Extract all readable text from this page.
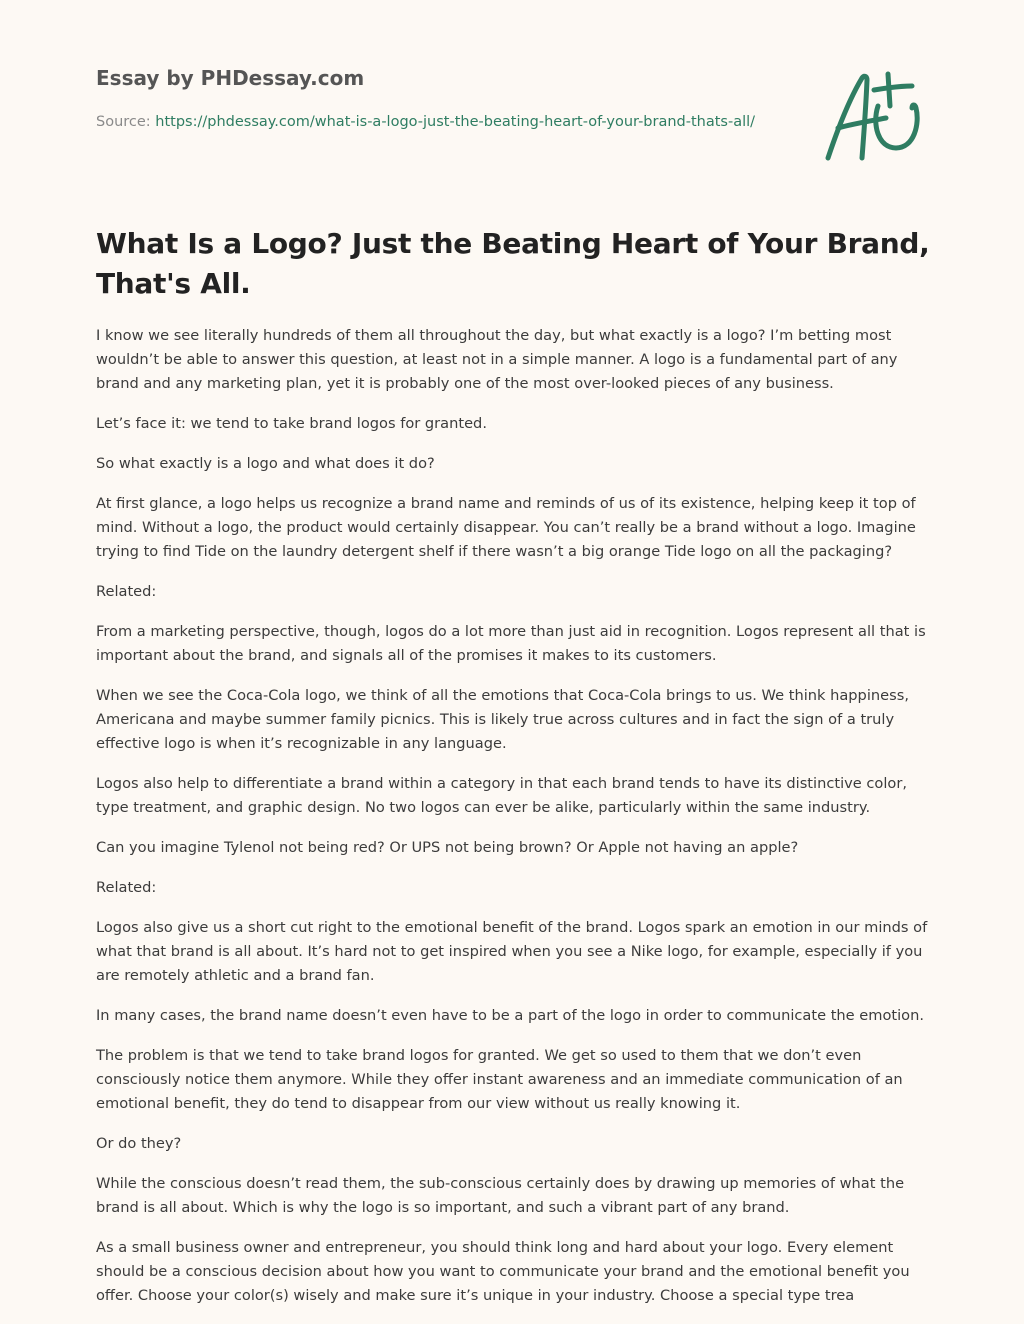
Essay by PHDessay.com
Source: https://phdessay.com/what-is-a-logo-just-the-beating-heart-of-your-brand-thats-all/
What Is a Logo? Just the Beating Heart of Your Brand, That's All.

I know we see literally hundreds of them all throughout the day, but what exactly is a logo? I’m betting most wouldn’t be able to answer this question, at least not in a simple manner. A logo is a fundamental part of any brand and any marketing plan, yet it is probably one of the most over-looked pieces of any business.

Let’s face it: we tend to take brand logos for granted.

So what exactly is a logo and what does it do?

At first glance, a logo helps us recognize a brand name and reminds of us of its existence, helping keep it top of mind. Without a logo, the product would certainly disappear. You can’t really be a brand without a logo. Imagine trying to find Tide on the laundry detergent shelf if there wasn’t a big orange Tide logo on all the packaging?

Related:

From a marketing perspective, though, logos do a lot more than just aid in recognition. Logos represent all that is important about the brand, and signals all of the promises it makes to its customers.

When we see the Coca-Cola logo, we think of all the emotions that Coca-Cola brings to us. We think happiness, Americana and maybe summer family picnics. This is likely true across cultures and in fact the sign of a truly effective logo is when it’s recognizable in any language.

Logos also help to differentiate a brand within a category in that each brand tends to have its distinctive color, type treatment, and graphic design. No two logos can ever be alike, particularly within the same industry.

Can you imagine Tylenol not being red? Or UPS not being brown? Or Apple not having an apple?

Related:

Logos also give us a short cut right to the emotional benefit of the brand. Logos spark an emotion in our minds of what that brand is all about. It’s hard not to get inspired when you see a Nike logo, for example, especially if you are remotely athletic and a brand fan.

In many cases, the brand name doesn’t even have to be a part of the logo in order to communicate the emotion.

The problem is that we tend to take brand logos for granted. We get so used to them that we don’t even consciously notice them anymore. While they offer instant awareness and an immediate communication of an emotional benefit, they do tend to disappear from our view without us really knowing it.

Or do they?

While the conscious doesn’t read them, the sub-conscious certainly does by drawing up memories of what the brand is all about. Which is why the logo is so important, and such a vibrant part of any brand.

As a small business owner and entrepreneur, you should think long and hard about your logo. Every element should be a conscious decision about how you want to communicate your brand and the emotional benefit you offer. Choose your color(s) wisely and make sure it’s unique in your industry. Choose a special type trea
